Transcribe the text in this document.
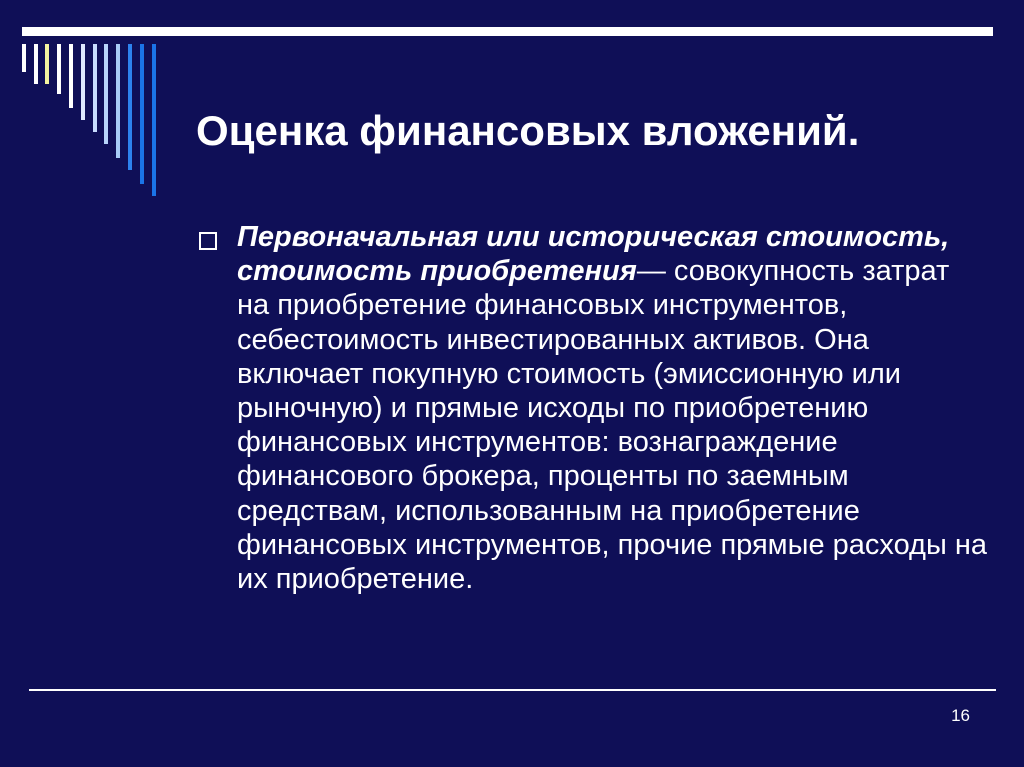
Оценка финансовых вложений.

Первоначальная или историческая стоимость, стоимость приобретения— совокупность затрат на приобретение финансовых инструментов, себестоимость инвестированных активов. Она включает покупную стоимость (эмиссионную или рыночную) и прямые исходы по приобретению финансовых инструментов: вознаграждение финансового брокера, проценты по заемным средствам, использованным на приобретение финансовых инструментов, прочие прямые расходы на их приобретение.

16
